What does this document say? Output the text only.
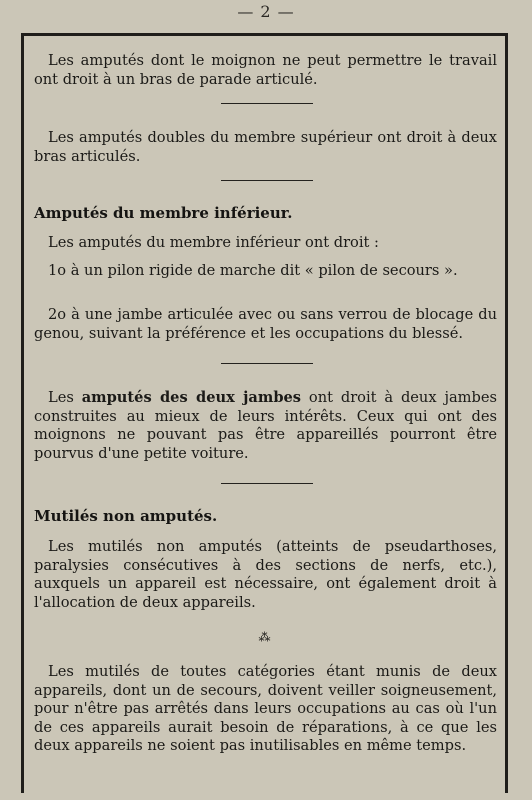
— 2 —

Les amputés dont le moignon ne peut permettre le travail ont droit à un bras de parade articulé.

Les amputés doubles du membre supérieur ont droit à deux bras articulés.

Amputés du membre inférieur.

Les amputés du membre inférieur ont droit :

1o à un pilon rigide de marche dit « pilon de secours ».

2o à une jambe articulée avec ou sans verrou de blocage du genou, suivant la préférence et les occupations du blessé.

Les amputés des deux jambes ont droit à deux jambes construites au mieux de leurs intérêts. Ceux qui ont des moignons ne pouvant pas être appareillés pourront être pourvus d'une petite voiture.

Mutilés non amputés.

Les mutilés non amputés (atteints de pseudarthoses, paralysies consécutives à des sections de nerfs, etc.), auxquels un appareil est nécessaire, ont également droit à l'allocation de deux appareils.

⁂

Les mutilés de toutes catégories étant munis de deux appareils, dont un de secours, doivent veiller soigneusement, pour n'être pas arrêtés dans leurs occupations au cas où l'un de ces appareils aurait besoin de réparations, à ce que les deux appareils ne soient pas inutilisables en même temps.
